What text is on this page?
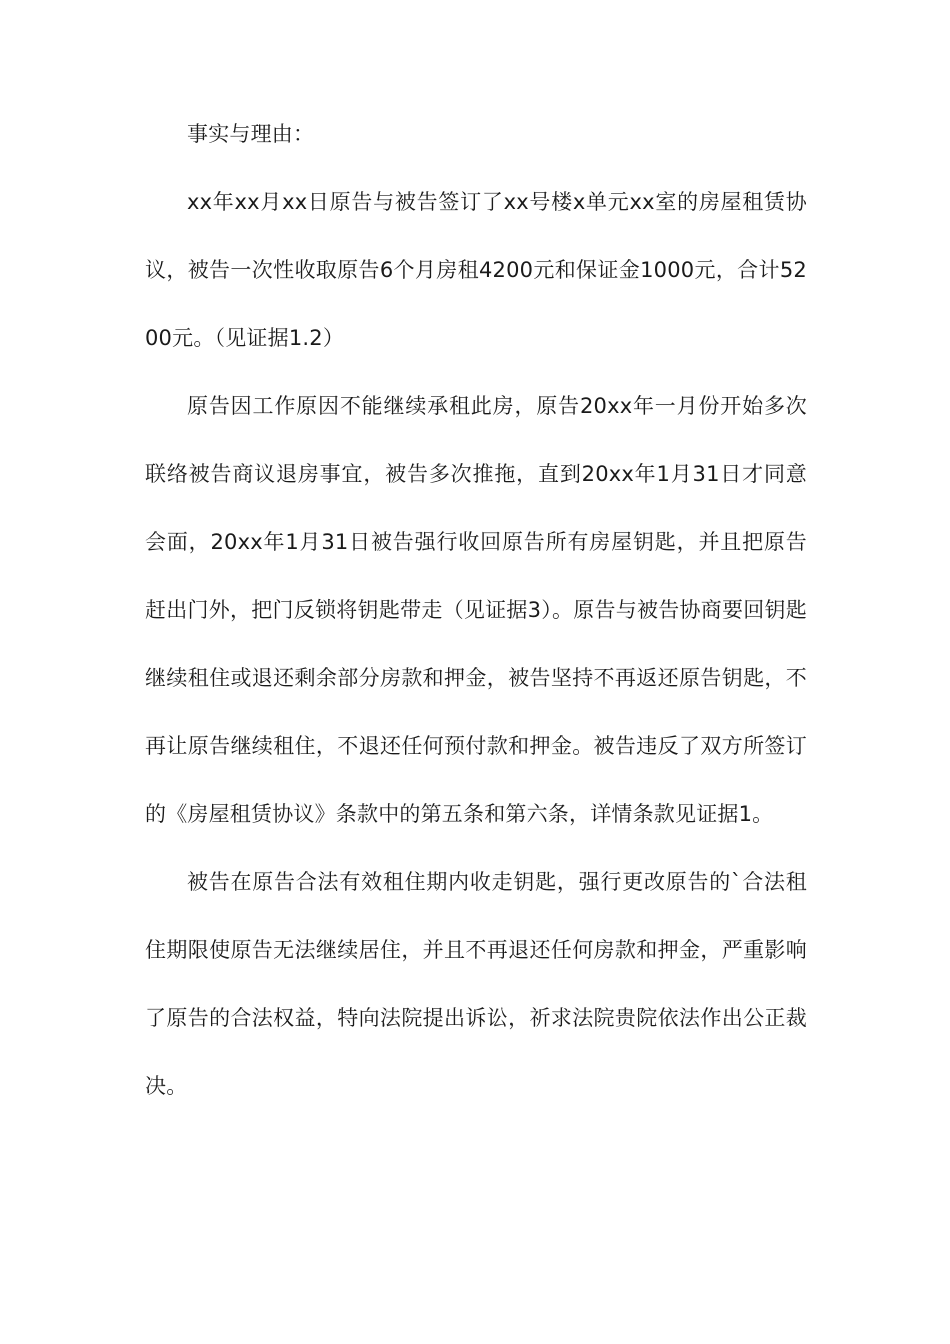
事实与理由：

xx年xx月xx日原告与被告签订了xx号楼x单元xx室的房屋租赁协议，被告一次性收取原告6个月房租4200元和保证金1000元，合计5200元。（见证据1.2）

原告因工作原因不能继续承租此房，原告20xx年一月份开始多次联络被告商议退房事宜，被告多次推拖，直到20xx年1月31日才同意会面，20xx年1月31日被告强行收回原告所有房屋钥匙，并且把原告赶出门外，把门反锁将钥匙带走（见证据3）。原告与被告协商要回钥匙继续租住或退还剩余部分房款和押金，被告坚持不再返还原告钥匙，不再让原告继续租住，不退还任何预付款和押金。被告违反了双方所签订的《房屋租赁协议》条款中的第五条和第六条，详情条款见证据1。

被告在原告合法有效租住期内收走钥匙，强行更改原告的`合法租住期限使原告无法继续居住，并且不再退还任何房款和押金，严重影响了原告的合法权益，特向法院提出诉讼，祈求法院贵院依法作出公正裁决。
